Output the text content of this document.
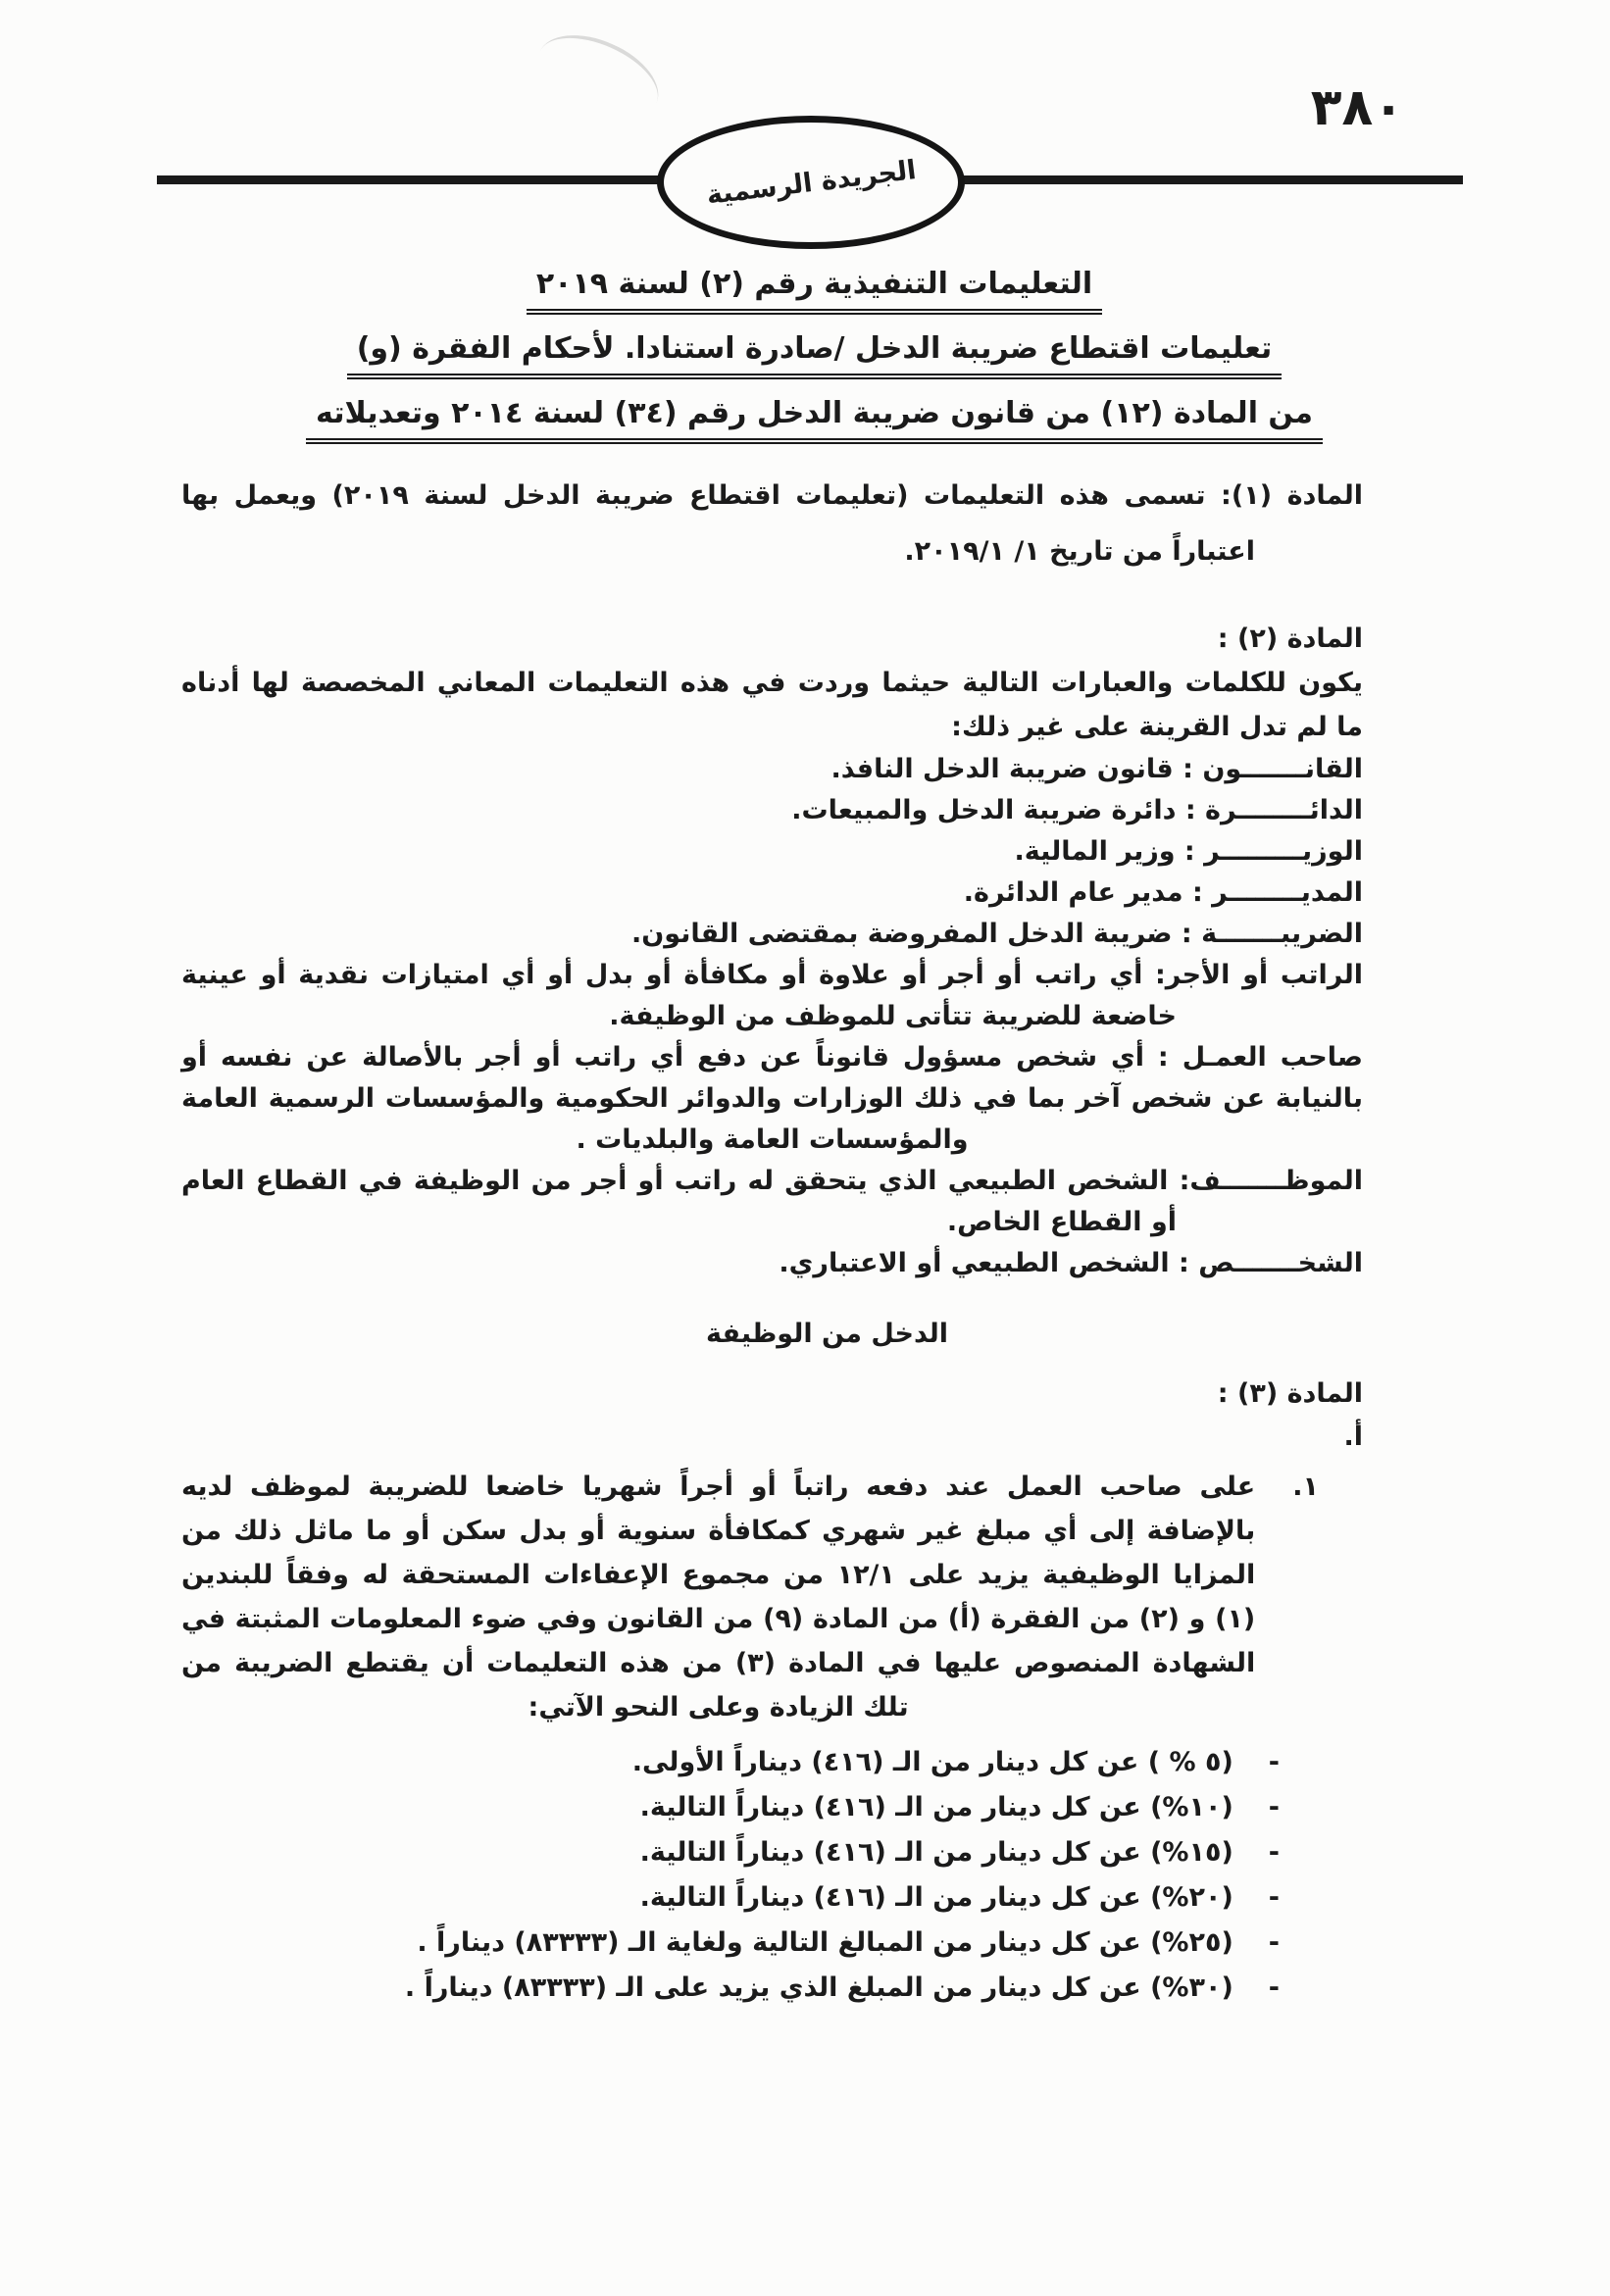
٣٨٠
الجريدة الرسمية
التعليمات التنفيذية رقم (٢) لسنة ٢٠١٩
تعليمات اقتطاع ضريبة الدخل /صادرة استنادا. لأحكام الفقرة (و)
من المادة (١٢) من قانون ضريبة الدخل رقم (٣٤) لسنة ٢٠١٤ وتعديلاته

المادة (١): تسمى هذه التعليمات (تعليمات اقتطاع ضريبة الدخل لسنة ٢٠١٩) ويعمل بها اعتباراً من تاريخ ١/ ٢٠١٩/١.

المادة (٢) :

يكون للكلمات والعبارات التالية حيثما وردت في هذه التعليمات المعاني المخصصة لها أدناه ما لم تدل القرينة على غير ذلك:

القانـــــــون : قانون ضريبة الدخل النافذ.

الدائــــــــرة : دائرة ضريبة الدخل والمبيعات.

الوزيـــــــــر : وزير المالية.

المديــــــــر : مدير عام الدائرة.

الضريبـــــــة : ضريبة الدخل المفروضة بمقتضى القانون.

الراتب أو الأجر: أي راتب أو أجر أو علاوة أو مكافأة أو بدل أو أي امتيازات نقدية أو عينية خاضعة للضريبة تتأتى للموظف من الوظيفة.

صاحب العمـل : أي شخص مسؤول قانوناً عن دفع أي راتب أو أجر بالأصالة عن نفسه أو بالنيابة عن شخص آخر بما في ذلك الوزارات والدوائر الحكومية والمؤسسات الرسمية العامة والمؤسسات العامة والبلديات .

الموظـــــــف: الشخص الطبيعي الذي يتحقق له راتب أو أجر من الوظيفة في القطاع العام أو القطاع الخاص.

الشخـــــــص : الشخص الطبيعي أو الاعتباري.

الدخل من الوظيفة

المادة (٣) :

أ.

١.

على صاحب العمل عند دفعه راتباً أو أجراً شهريا خاضعا للضريبة لموظف لديه بالإضافة إلى أي مبلغ غير شهري كمكافأة سنوية أو بدل سكن أو ما ماثل ذلك من المزايا الوظيفية يزيد على ١٢/١ من مجموع الإعفاءات المستحقة له وفقاً للبندين (١) و (٢) من الفقرة (أ) من المادة (٩) من القانون وفي ضوء المعلومات المثبتة في الشهادة المنصوص عليها في المادة (٣) من هذه التعليمات أن يقتطع الضريبة من تلك الزيادة وعلى النحو الآتي:

-
(٥ % ) عن كل دينار من الـ (٤١٦) ديناراً الأولى.
-
(١٠%) عن كل دينار من الـ (٤١٦) ديناراً التالية.
-
(١٥%) عن كل دينار من الـ (٤١٦) ديناراً التالية.
-
(٢٠%) عن كل دينار من الـ (٤١٦) ديناراً التالية.
-
(٢٥%) عن كل دينار من المبالغ التالية ولغاية الـ (٨٣٣٣٣) ديناراً .
-
(٣٠%) عن كل دينار من المبلغ الذي يزيد على الـ (٨٣٣٣٣) ديناراً .
